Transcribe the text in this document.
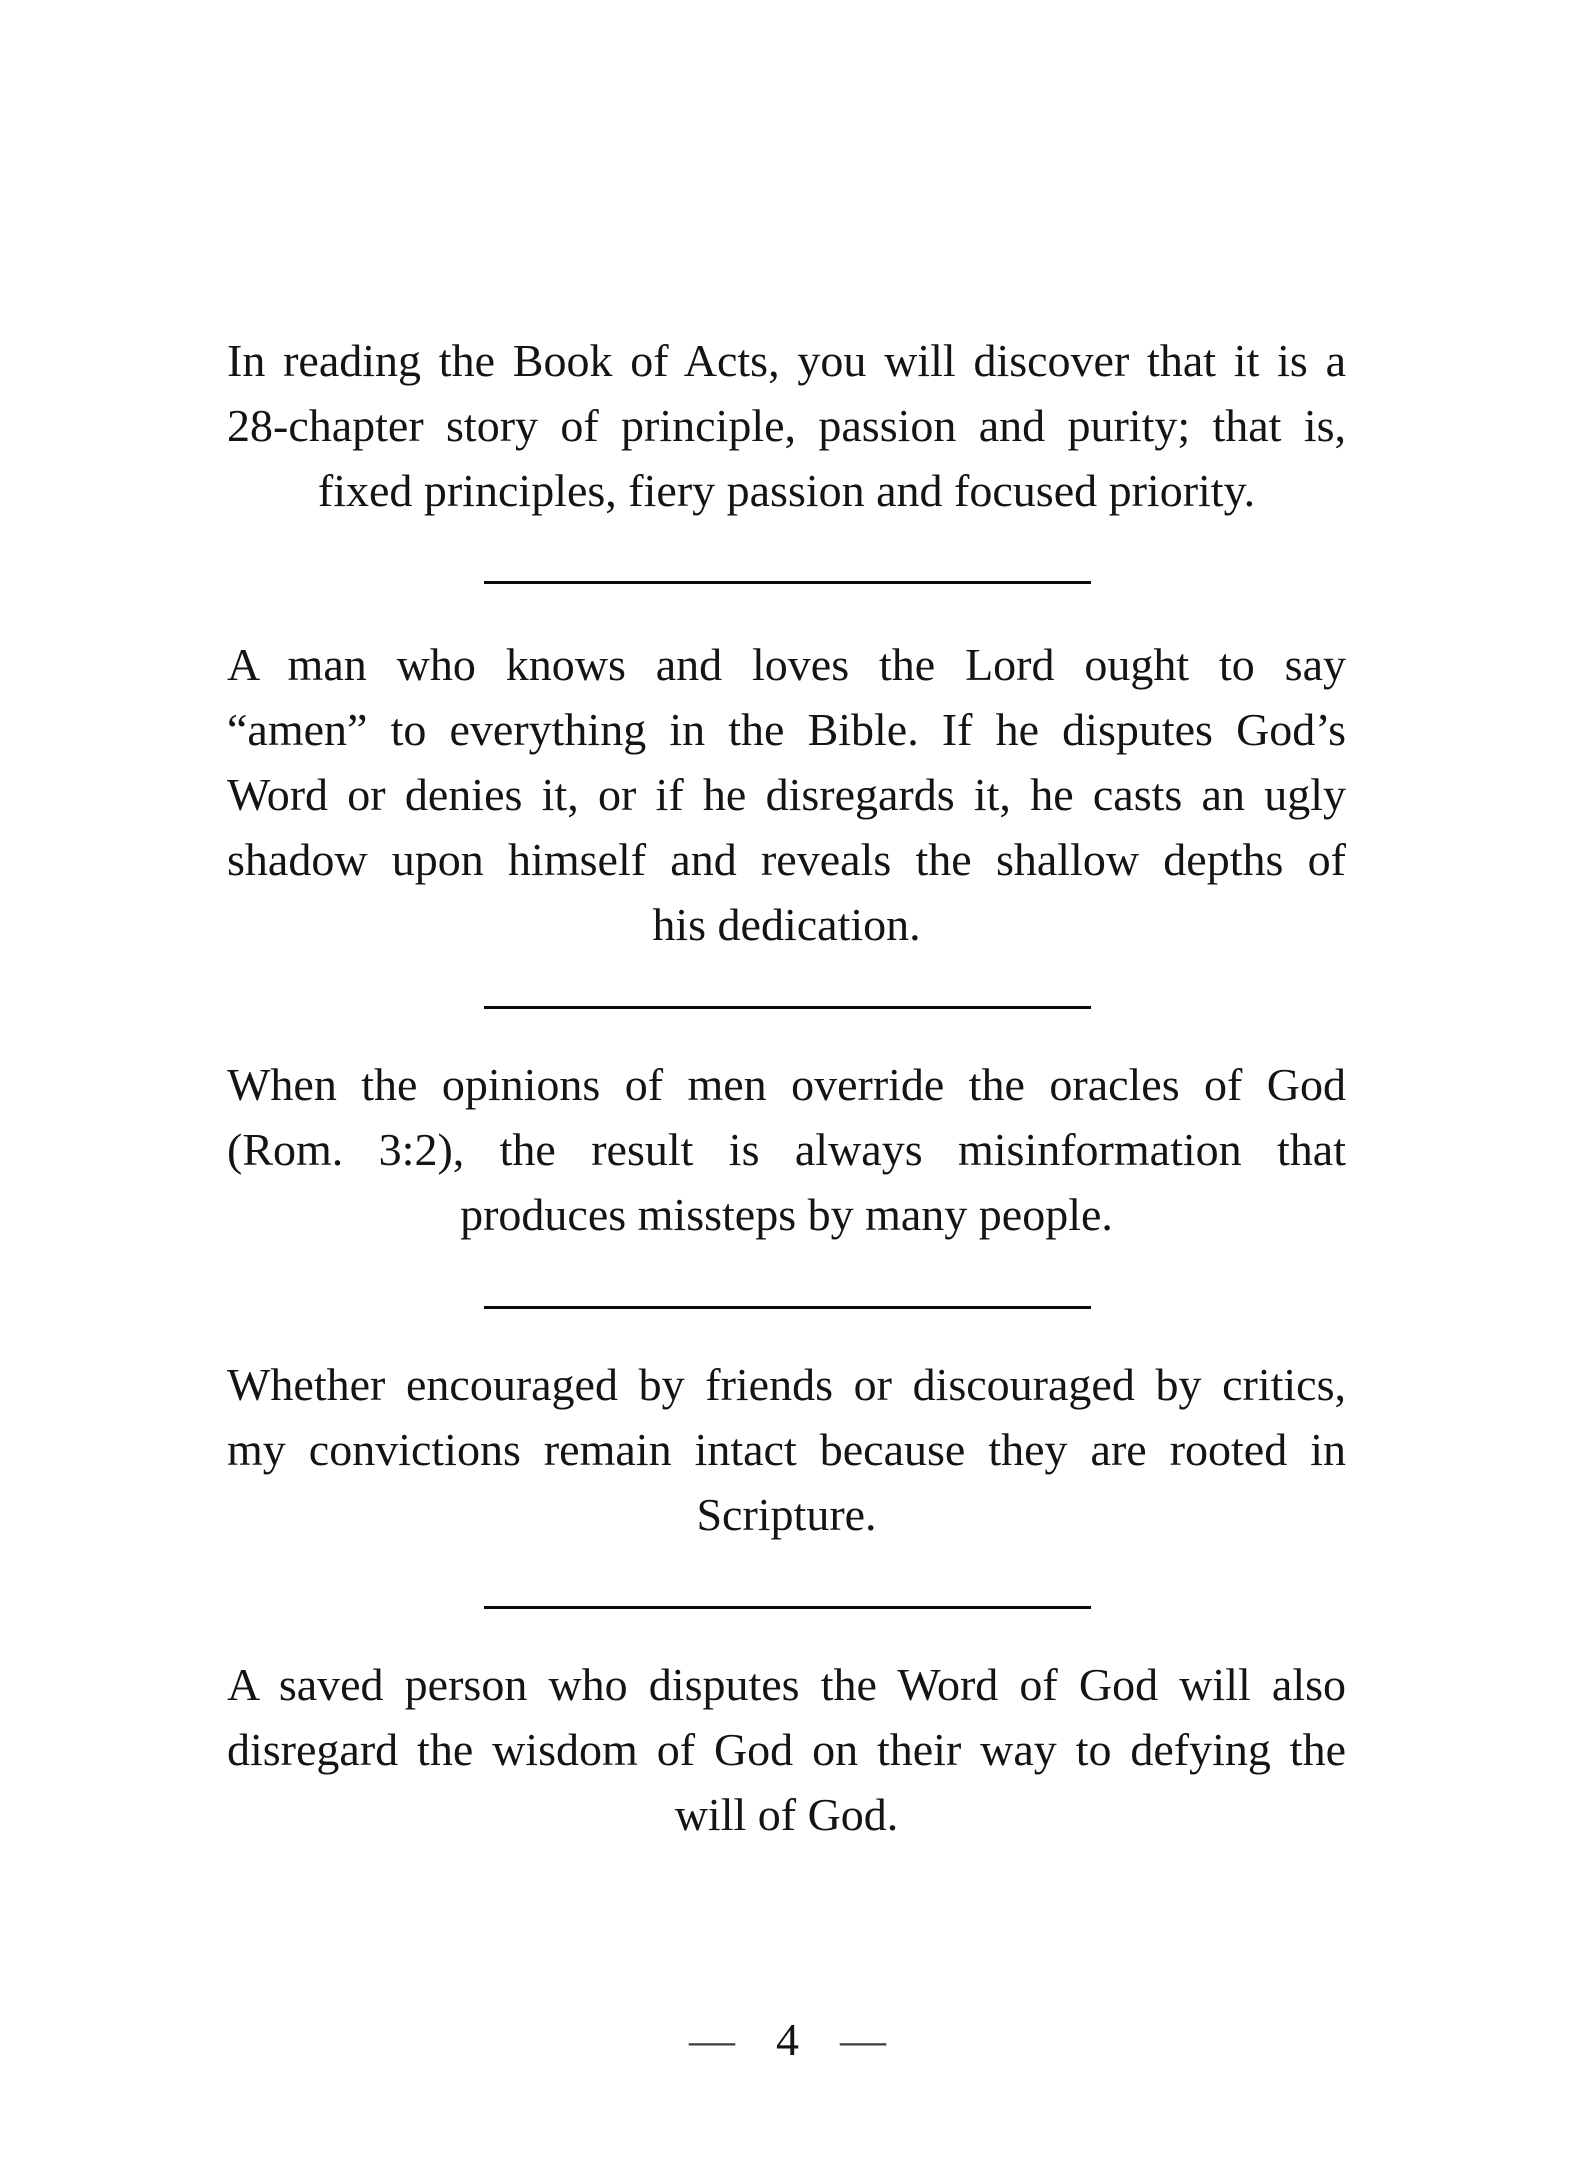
In reading the Book of Acts, you will discover that it is a
28-chapter story of principle, passion and purity; that is,
fixed principles, fiery passion and focused priority.
A man who knows and loves the Lord ought to say
“amen” to everything in the Bible. If he disputes God’s
Word or denies it, or if he disregards it, he casts an ugly
shadow upon himself and reveals the shallow depths of
his dedication.
When the opinions of men override the oracles of God
(Rom. 3:2), the result is always misinformation that
produces missteps by many people.
Whether encouraged by friends or discouraged by critics,
my convictions remain intact because they are rooted in
Scripture.
A saved person who disputes the Word of God will also
disregard the wisdom of God on their way to defying the
will of God.
— 4 —
